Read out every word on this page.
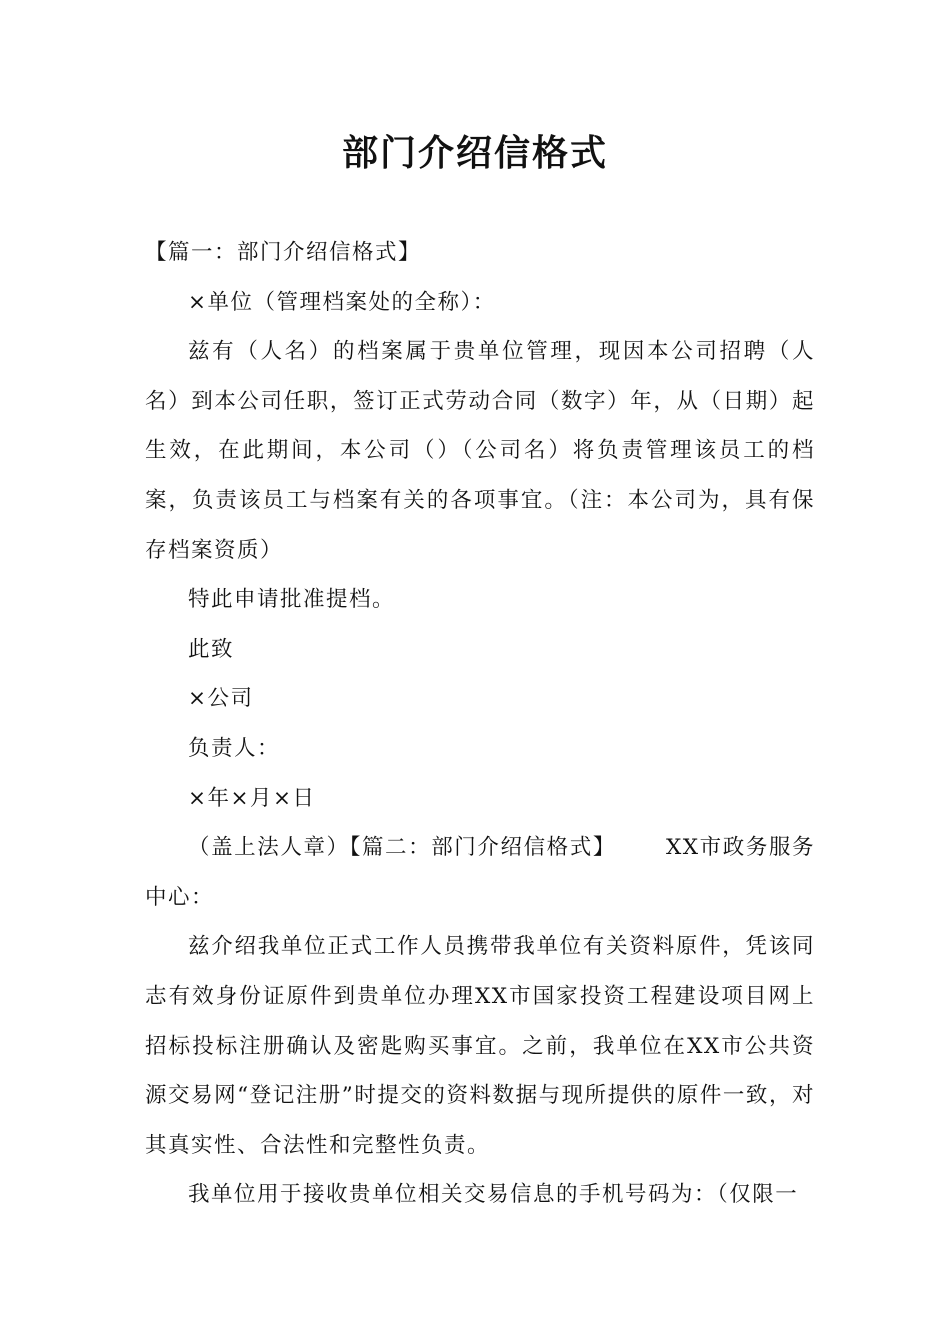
部门介绍信格式

【篇一：部门介绍信格式】

×单位（管理档案处的全称）：

兹有（人名）的档案属于贵单位管理，现因本公司招聘（人名）到本公司任职，签订正式劳动合同（数字）年，从（日期）起生效，在此期间，本公司（）（公司名）将负责管理该员工的档案，负责该员工与档案有关的各项事宜。（注：本公司为，具有保存档案资质）

特此申请批准提档。

此致

×公司

负责人：

×年×月×日

（盖上法人章）【篇二：部门介绍信格式】 XX市政务服务中心：

兹介绍我单位正式工作人员携带我单位有关资料原件，凭该同志有效身份证原件到贵单位办理XX市国家投资工程建设项目网上招标投标注册确认及密匙购买事宜。之前，我单位在XX市公共资源交易网“登记注册”时提交的资料数据与现所提供的原件一致，对其真实性、合法性和完整性负责。

我单位用于接收贵单位相关交易信息的手机号码为：（仅限一
